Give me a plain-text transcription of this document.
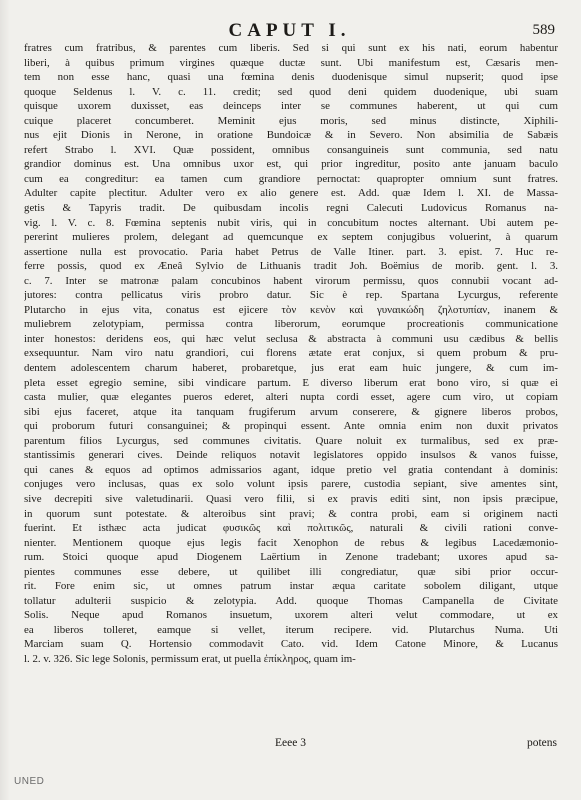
CAPUT I.	589
fratres cum fratribus, & parentes cum liberis. Sed si qui sunt ex his nati, eorum habentur
liberi, à quibus primum virgines quæque ductæ sunt. Ubi manifestum est, Cæsaris men-
tem non esse hanc, quasi una fœmina denis duodenisque simul nupserit; quod ipse
quoque Seldenus l. V. c. 11. credit; sed quod deni quidem duodenique, ubi suam
quisque uxorem duxisset, eas deinceps inter se communes haberent, ut qui cum
cuique placeret concumberet. Meminit ejus moris, sed minus distincte, Xiphili-
nus ejit Dionis in Nerone, in oratione Bundoicæ & in Severo. Non absimilia de Sabæis
refert Strabo l. XVI. Quæ possident, omnibus consanguineis sunt communia, sed natu
grandior dominus est. Una omnibus uxor est, qui prior ingreditur, posito ante januam baculo
cum ea congreditur: ea tamen cum grandiore pernoctat: quapropter omnium sunt fratres.
Adulter capite plectitur. Adulter vero ex alio genere est. Add. quæ Idem l. XI. de Massa-
getis & Tapyris tradit. De quibusdam incolis regni Calecuti Ludovicus Romanus na-
vig. l. V. c. 8. Fœmina septenis nubit viris, qui in concubitum noctes alternant. Ubi autem pe-
pererint mulieres prolem, delegant ad quemcunque ex septem conjugibus voluerint, à quarum
assertione nulla est provocatio. Paria habet Petrus de Valle Itiner. part. 3. epist. 7. Huc re-
ferre possis, quod ex Æneâ Sylvio de Lithuanis tradit Joh. Boëmius de morib. gent. l. 3.
c. 7. Inter se matronæ palam concubinos habent virorum permissu, quos connubii vocant ad-
jutores: contra pellicatus viris probro datur. Sic è rep. Spartana Lycurgus, referente
Plutarcho in ejus vita, conatus est ejicere τὸν κενὸν καὶ γυναικώδη ζηλοτυπίαν, inanem &
muliebrem zelotypiam, permissa contra liberorum, eorumque procreationis communicatione
inter honestos: deridens eos, qui hæc velut seclusa & abstracta à communi usu cædibus & bellis
exsequuntur. Nam viro natu grandiori, cui florens ætate erat conjux, si quem probum & pru-
dentem adolescentem charum haberet, probaretque, jus erat eam huic jungere, & cum im-
pleta esset egregio semine, sibi vindicare partum. E diverso liberum erat bono viro, si quæ ei
casta mulier, quæ elegantes pueros ederet, alteri nupta cordi esset, agere cum viro, ut copiam
sibi ejus faceret, atque ita tanquam frugiferum arvum conserere, & gignere liberos probos,
qui proborum futuri consanguinei; & propinqui essent. Ante omnia enim non duxit privatos
parentum filios Lycurgus, sed communes civitatis. Quare noluit ex turmalibus, sed ex præ-
stantissimis generari cives. Deinde reliquos notavit legislatores oppido insulsos & vanos fuisse,
qui canes & equos ad optimos admissarios agant, idque pretio vel gratia contendant à dominis:
conjuges vero inclusas, quas ex solo volunt ipsis parere, custodia sepiant, sive amentes sint,
sive decrepiti sive valetudinarii. Quasi vero filii, si ex pravis editi sint, non ipsis præcipue,
in quorum sunt potestate. & alteroibus sint pravi; & contra probi, eam si originem nacti
fuerint. Et isthæc acta judicat φυσικῶς καὶ πολιτικῶς, naturali & civili rationi conve-
nienter. Mentionem quoque ejus legis facit Xenophon de rebus & legibus Lacedæmonio-
rum. Stoici quoque apud Diogenem Laërtium in Zenone tradebant; uxores apud sa-
pientes communes esse debere, ut quilibet illi congrediatur, quæ sibi prior occur-
rit. Fore enim sic, ut omnes patrum instar æqua caritate sobolem diligant, utque
tollatur adulterii suspicio & zelotypia. Add. quoque Thomas Campanella de Civitate
Solis. Neque apud Romanos insuetum, uxorem alteri velut commodare, ut ex
ea liberos tolleret, eamque si vellet, iterum recipere. vid. Plutarchus Numa. Uti
Marciam suam Q. Hortensio commodavit Cato. vid. Idem Catone Minore, & Lucanus
l. 2. v. 326. Sic lege Solonis, permissum erat, ut puella ἐπίκληρος, quam im-
Eeee 3	potens
UNED
